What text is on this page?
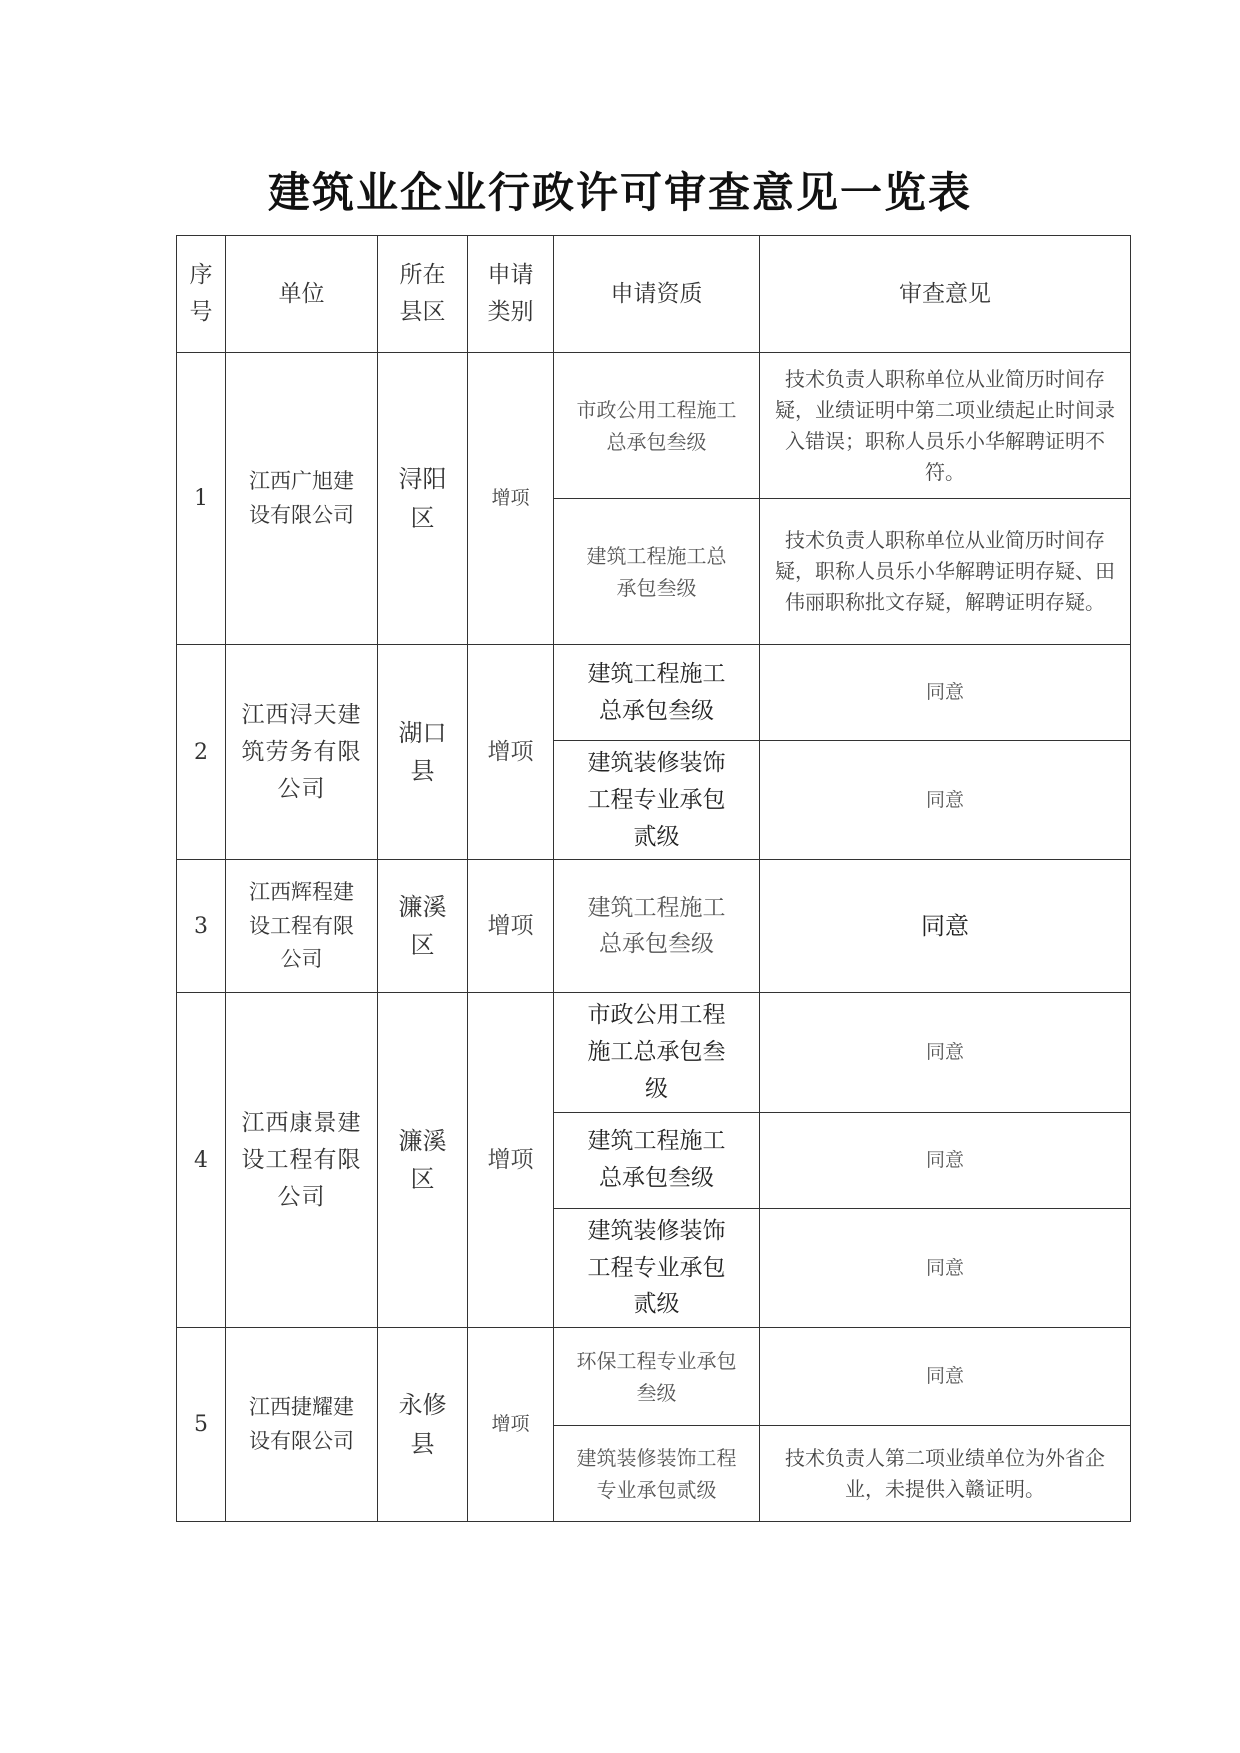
建筑业企业行政许可审查意见一览表
序号	单位	所在县区	申请类别	申请资质	审查意见
1	江西广旭建设有限公司	浔阳区	增项	市政公用工程施工总承包叁级	技术负责人职称单位从业简历时间存疑，业绩证明中第二项业绩起止时间录入错误；职称人员乐小华解聘证明不符。
				建筑工程施工总承包叁级	技术负责人职称单位从业简历时间存疑，职称人员乐小华解聘证明存疑、田伟丽职称批文存疑，解聘证明存疑。
2	江西浔天建筑劳务有限公司	湖口县	增项	建筑工程施工总承包叁级	同意
				建筑装修装饰工程专业承包贰级	同意
3	江西辉程建设工程有限公司	濂溪区	增项	建筑工程施工总承包叁级	同意
4	江西康景建设工程有限公司	濂溪区	增项	市政公用工程施工总承包叁级	同意
				建筑工程施工总承包叁级	同意
				建筑装修装饰工程专业承包贰级	同意
5	江西捷耀建设有限公司	永修县	增项	环保工程专业承包叁级	同意
				建筑装修装饰工程专业承包贰级	技术负责人第二项业绩单位为外省企业，未提供入赣证明。
